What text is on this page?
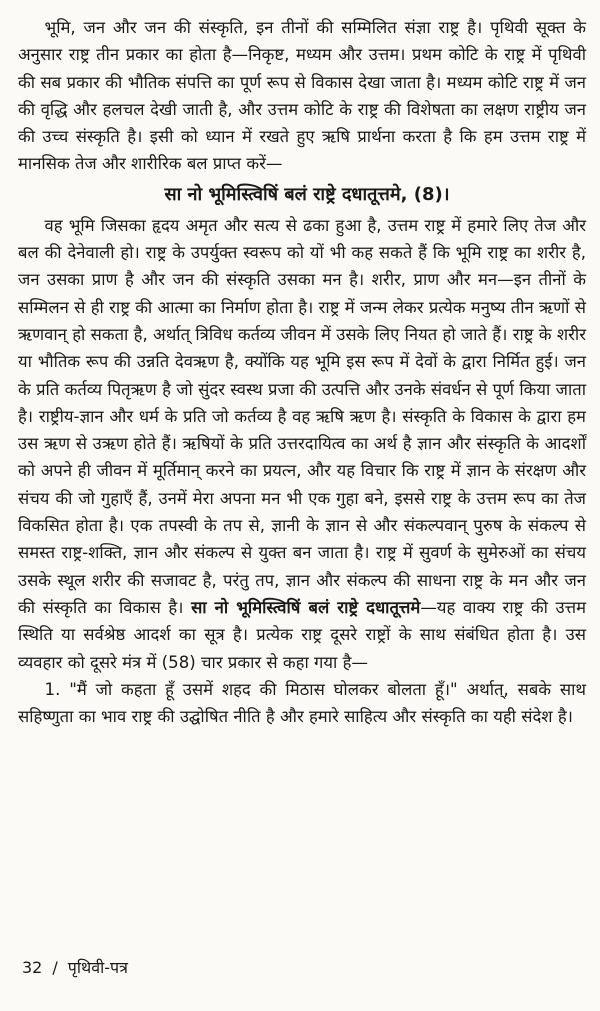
भूमि, जन और जन की संस्कृति, इन तीनों की सम्मिलित संज्ञा राष्ट्र है। पृथिवी सूक्त के अनुसार राष्ट्र तीन प्रकार का होता है—निकृष्ट, मध्यम और उत्तम। प्रथम कोटि के राष्ट्र में पृथिवी की सब प्रकार की भौतिक संपत्ति का पूर्ण रूप से विकास देखा जाता है। मध्यम कोटि राष्ट्र में जन की वृद्धि और हलचल देखी जाती है, और उत्तम कोटि के राष्ट्र की विशेषता का लक्षण राष्ट्रीय जन की उच्च संस्कृति है। इसी को ध्यान में रखते हुए ऋषि प्रार्थना करता है कि हम उत्तम राष्ट्र में मानसिक तेज और शारीरिक बल प्राप्त करें—

सा नो भूमिस्त्विषिं बलं राष्ट्रे दधातूत्तमे, (8)।

वह भूमि जिसका हृदय अमृत और सत्य से ढका हुआ है, उत्तम राष्ट्र में हमारे लिए तेज और बल की देनेवाली हो। राष्ट्र के उपर्युक्त स्वरूप को यों भी कह सकते हैं कि भूमि राष्ट्र का शरीर है, जन उसका प्राण है और जन की संस्कृति उसका मन है। शरीर, प्राण और मन—इन तीनों के सम्मिलन से ही राष्ट्र की आत्मा का निर्माण होता है। राष्ट्र में जन्म लेकर प्रत्येक मनुष्य तीन ऋणों से ऋणवान् हो सकता है, अर्थात् त्रिविध कर्तव्य जीवन में उसके लिए नियत हो जाते हैं। राष्ट्र के शरीर या भौतिक रूप की उन्नति देवऋण है, क्योंकि यह भूमि इस रूप में देवों के द्वारा निर्मित हुई। जन के प्रति कर्तव्य पितृऋण है जो सुंदर स्वस्थ प्रजा की उत्पत्ति और उनके संवर्धन से पूर्ण किया जाता है। राष्ट्रीय-ज्ञान और धर्म के प्रति जो कर्तव्य है वह ऋषि ऋण है। संस्कृति के विकास के द्वारा हम उस ऋण से उऋण होते हैं। ऋषियों के प्रति उत्तरदायित्व का अर्थ है ज्ञान और संस्कृति के आदर्शों को अपने ही जीवन में मूर्तिमान् करने का प्रयत्न, और यह विचार कि राष्ट्र में ज्ञान के संरक्षण और संचय की जो गुहाएँ हैं, उनमें मेरा अपना मन भी एक गुहा बने, इससे राष्ट्र के उत्तम रूप का तेज विकसित होता है। एक तपस्वी के तप से, ज्ञानी के ज्ञान से और संकल्पवान् पुरुष के संकल्प से समस्त राष्ट्र-शक्ति, ज्ञान और संकल्प से युक्त बन जाता है। राष्ट्र में सुवर्ण के सुमेरुओं का संचय उसके स्थूल शरीर की सजावट है, परंतु तप, ज्ञान और संकल्प की साधना राष्ट्र के मन और जन की संस्कृति का विकास है। सा नो भूमिस्त्विषिं बलं राष्ट्रे दधातूत्तमे—यह वाक्य राष्ट्र की उत्तम स्थिति या सर्वश्रेष्ठ आदर्श का सूत्र है। प्रत्येक राष्ट्र दूसरे राष्ट्रों के साथ संबंधित होता है। उस व्यवहार को दूसरे मंत्र में (58) चार प्रकार से कहा गया है—

1. "मैं जो कहता हूँ उसमें शहद की मिठास घोलकर बोलता हूँ।" अर्थात्, सबके साथ सहिष्णुता का भाव राष्ट्र की उद्घोषित नीति है और हमारे साहित्य और संस्कृति का यही संदेश है।

32 / पृथिवी-पत्र
